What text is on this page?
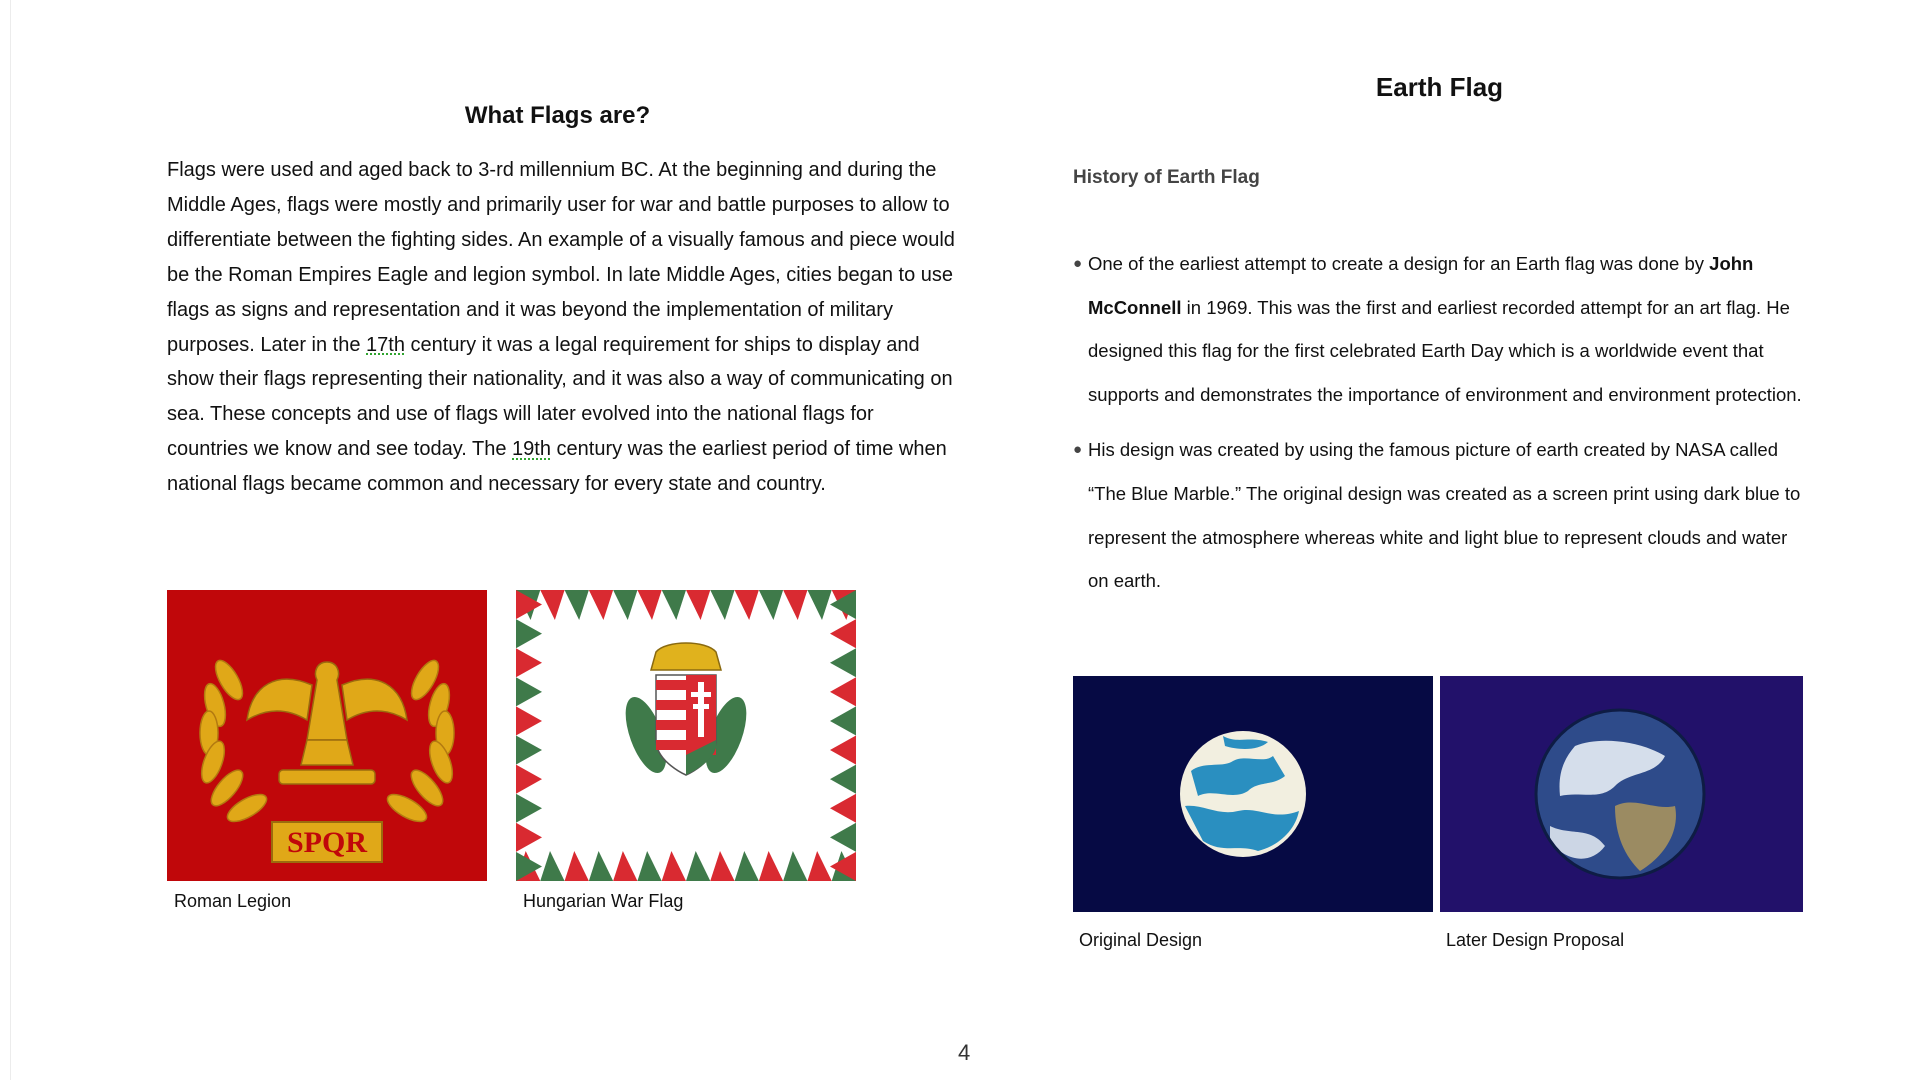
What Flags are?

Flags were used and aged back to 3-rd millennium BC. At the beginning and during the Middle Ages, flags were mostly and primarily user for war and battle purposes to allow to differentiate between the fighting sides. An example of a visually famous and piece would be the Roman Empires Eagle and legion symbol. In late Middle Ages, cities began to use flags as signs and representation and it was beyond the implementation of military purposes. Later in the 17th century it was a legal requirement for ships to display and show their flags representing their nationality, and it was also a way of communicating on sea. These concepts and use of flags will later evolved into the national flags for countries we know and see today. The 19th century was the earliest period of time when national flags became common and necessary for every state and country.

SPQR
Roman Legion	Hungarian War Flag
Earth Flag
History of Earth Flag
● One of the earliest attempt to create a design for an Earth flag was done by John McConnell in 1969. This was the first and earliest recorded attempt for an art flag. He designed this flag for the first celebrated Earth Day which is a worldwide event that supports and demonstrates the importance of environment and environment protection.
● His design was created by using the famous picture of earth created by NASA called “The Blue Marble.” The original design was created as a screen print using dark blue to represent the atmosphere whereas white and light blue to represent clouds and water on earth.
Original Design	Later Design Proposal
4
